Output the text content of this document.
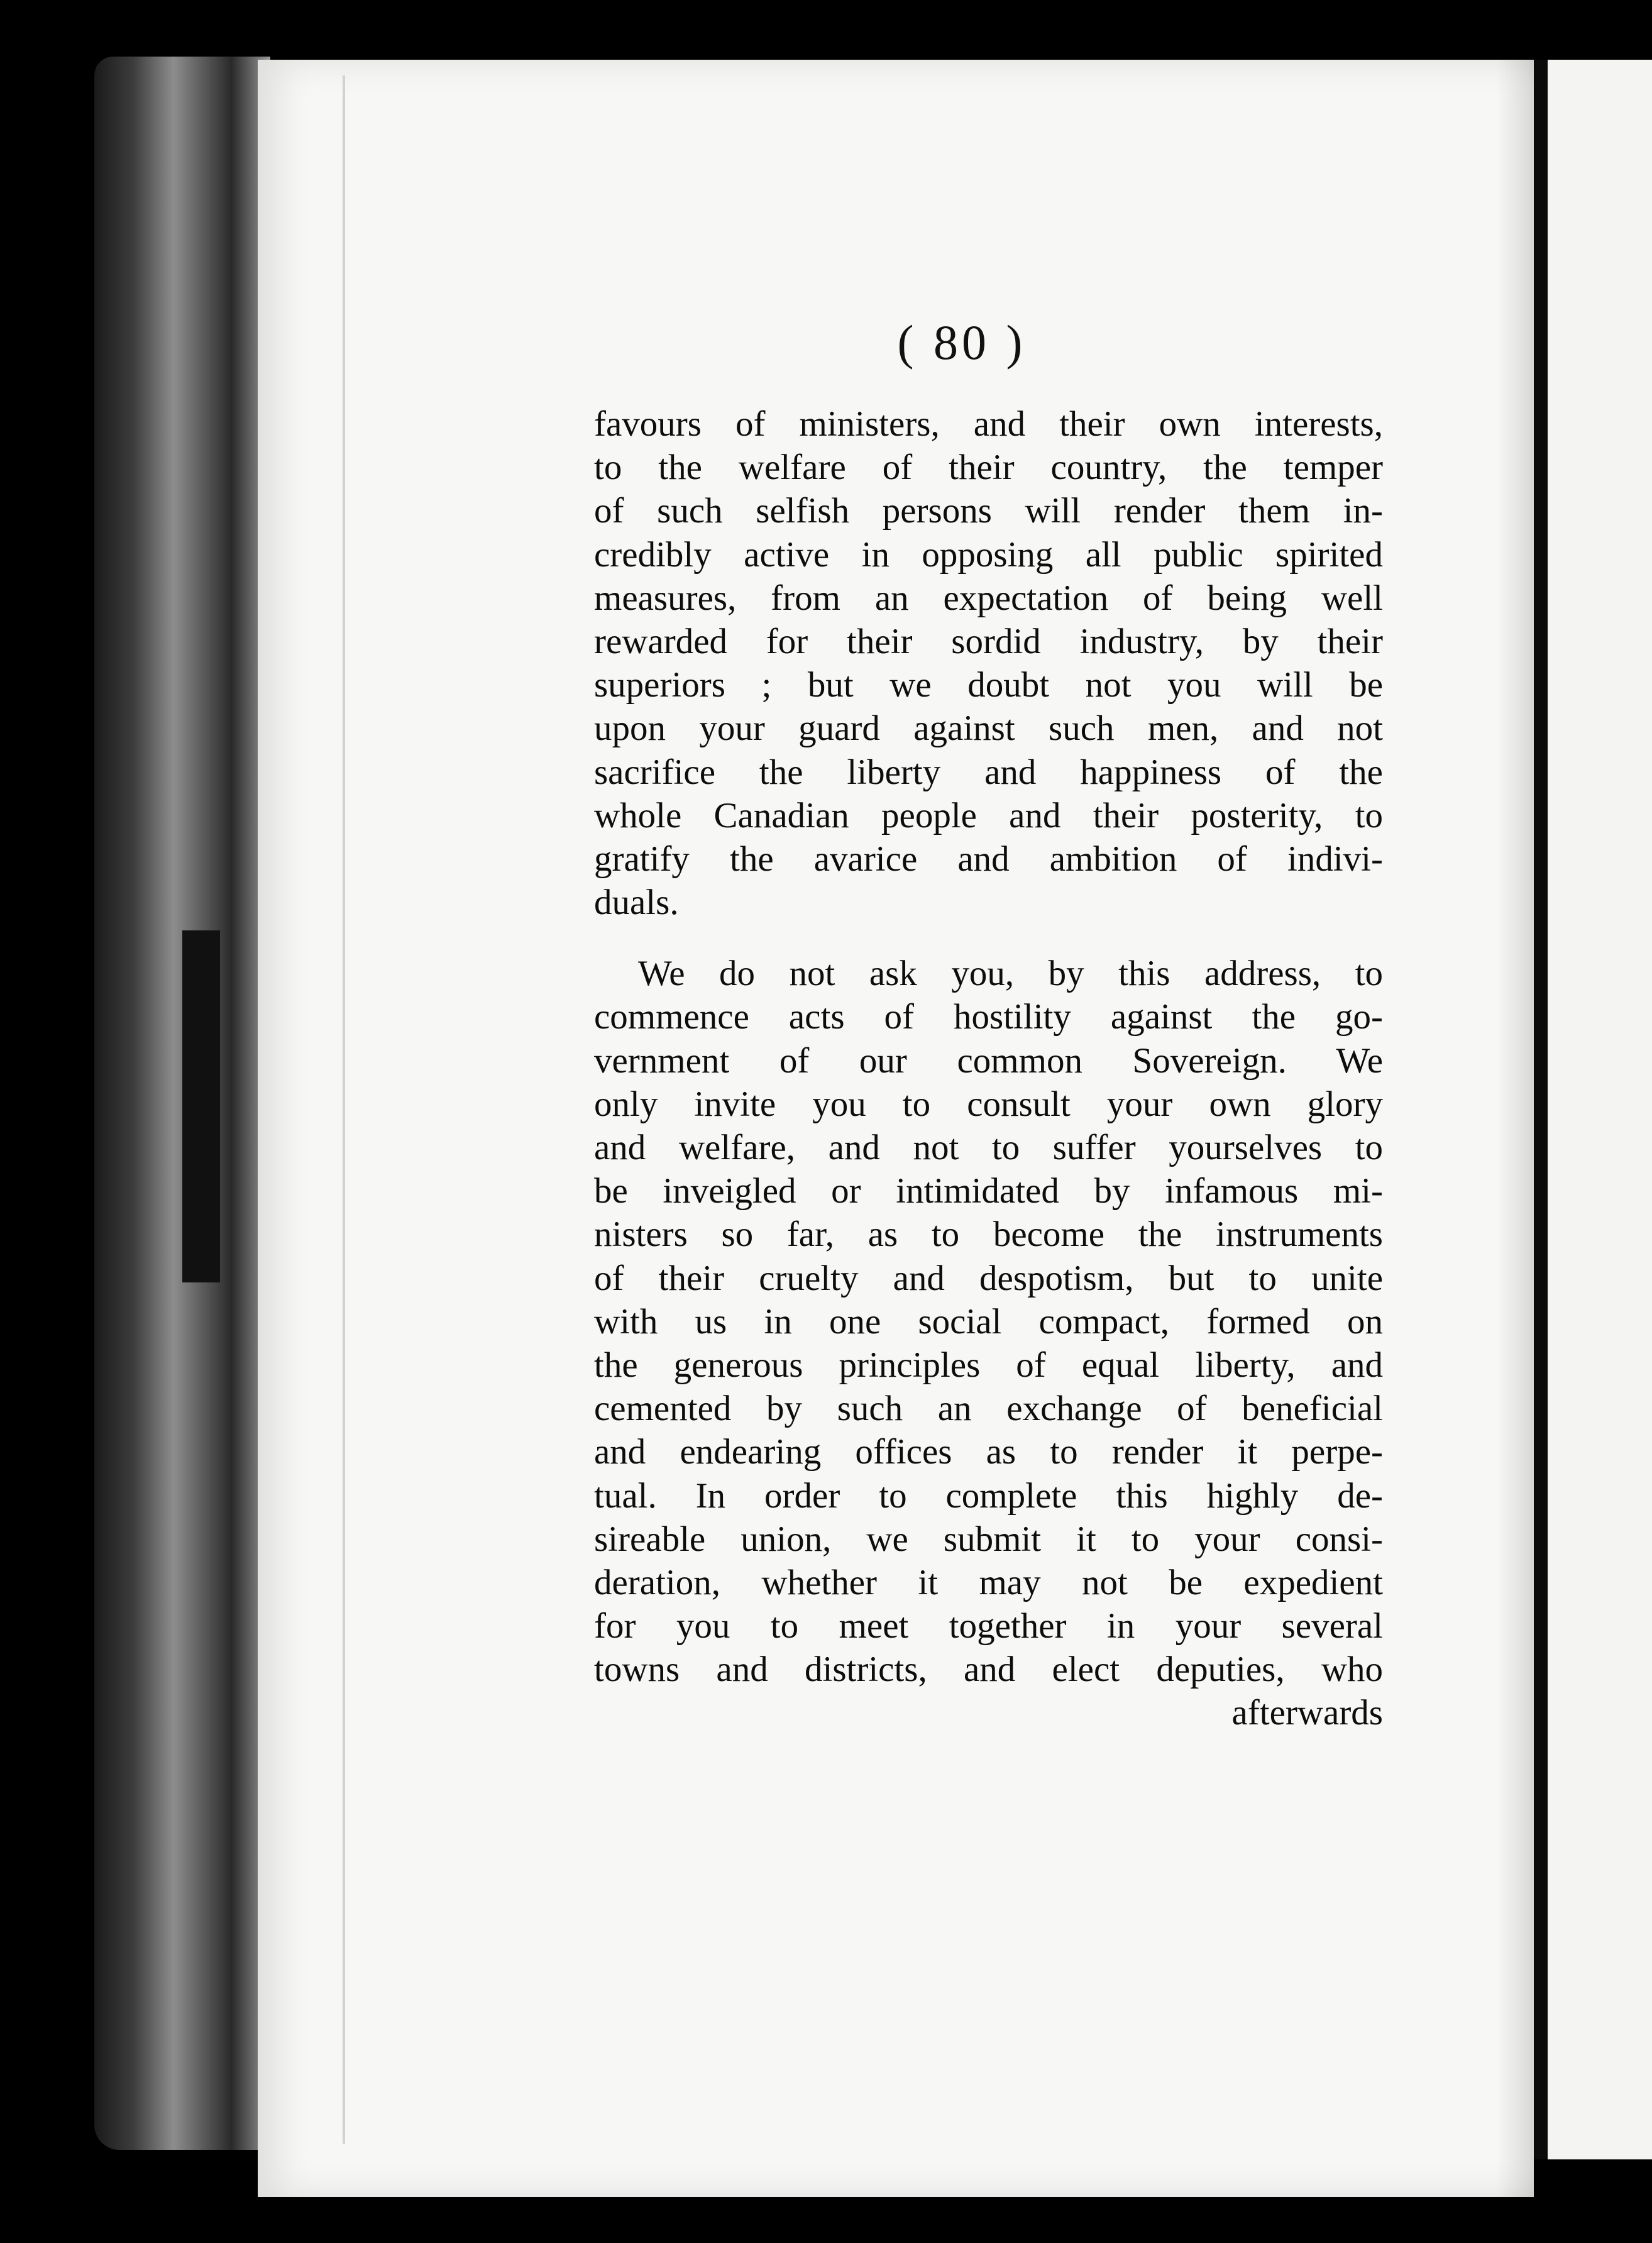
( 80 )
favours of ministers, and their own interests,
to the welfare of their country, the temper
of such selfish persons will render them in-
credibly active in opposing all public spirited
measures, from an expectation of being well
rewarded for their sordid industry, by their
superiors ; but we doubt not you will be
upon your guard against such men, and not
sacrifice the liberty and happiness of the
whole Canadian people and their posterity, to
gratify the avarice and ambition of indivi-
duals.
We do not ask you, by this address, to
commence acts of hostility against the go-
vernment of our common Sovereign. We
only invite you to consult your own glory
and welfare, and not to suffer yourselves to
be inveigled or intimidated by infamous mi-
nisters so far, as to become the instruments
of their cruelty and despotism, but to unite
with us in one social compact, formed on
the generous principles of equal liberty, and
cemented by such an exchange of beneficial
and endearing offices as to render it perpe-
tual. In order to complete this highly de-
sireable union, we submit it to your consi-
deration, whether it may not be expedient
for you to meet together in your several
towns and districts, and elect deputies, who
afterwards
